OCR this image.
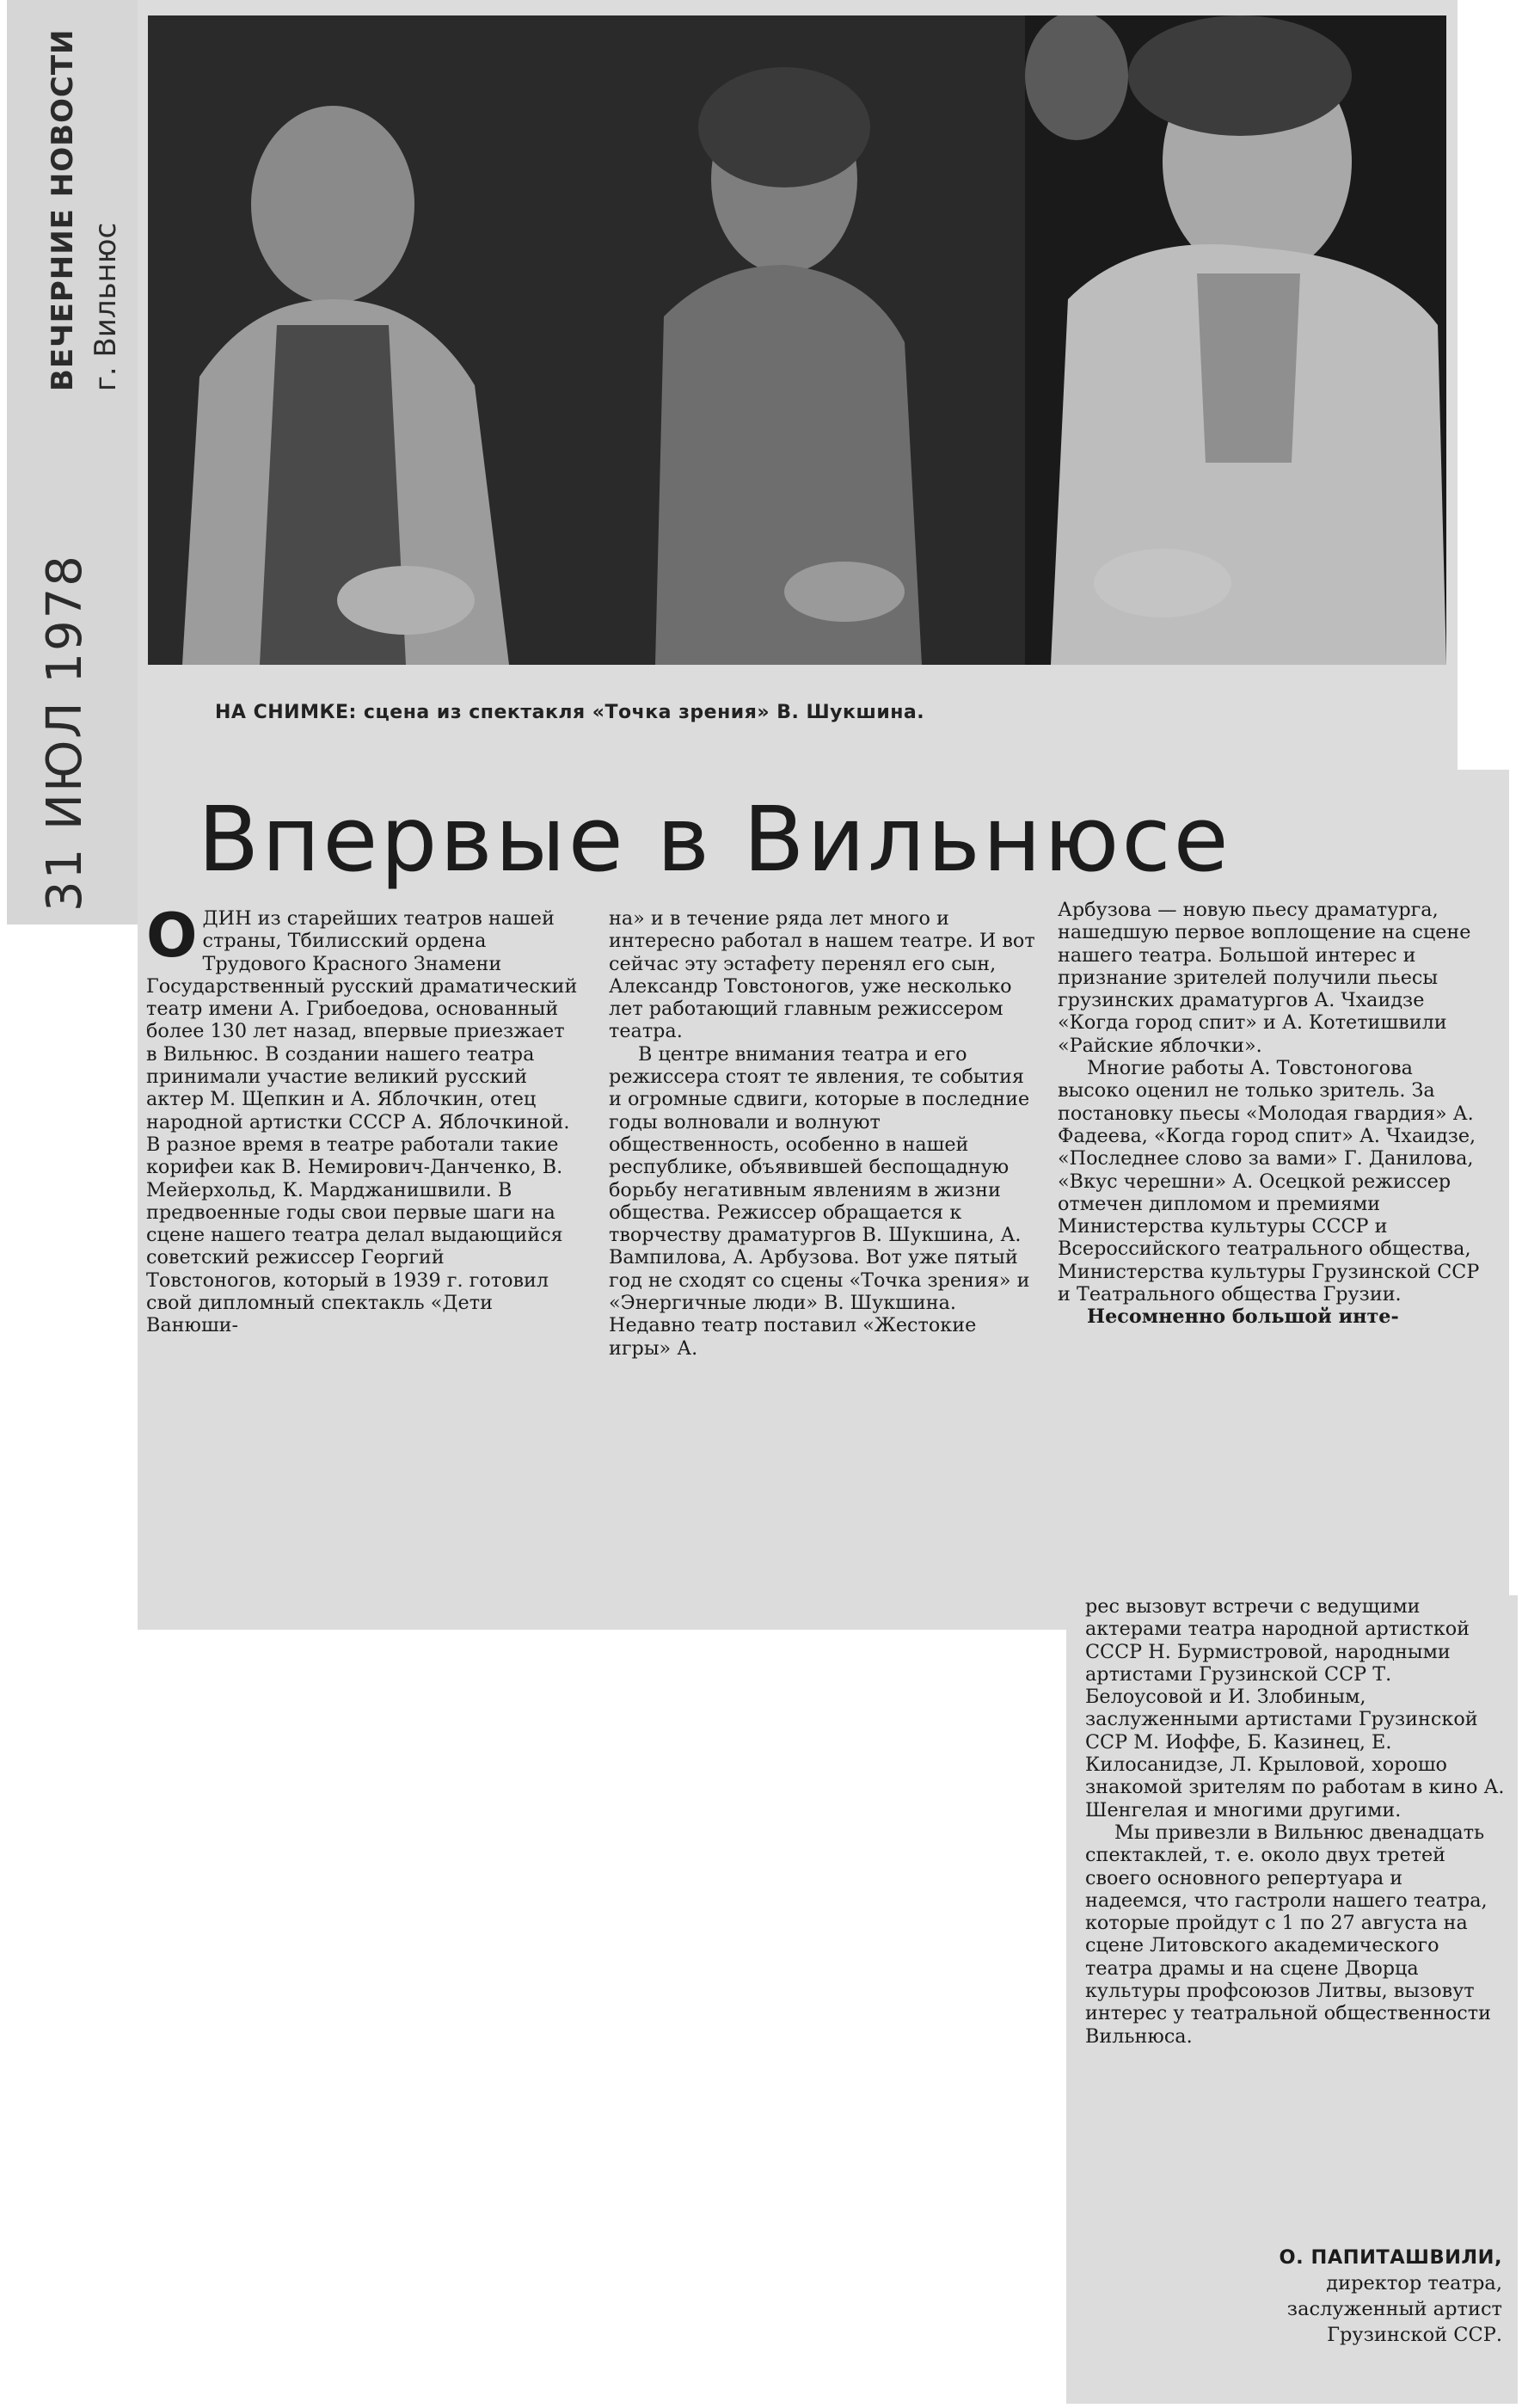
ВЕЧЕРНИЕ НОВОСТИ г. Вильнюс
31 ИЮЛ 1978	НА СНИМКЕ: сцена из спектакля «Точка зрения» В. Шукшина.
Впервые в Вильнюсе

О ДИН из старейших театров нашей страны, Тбилисский ордена Трудового Красного Знамени Государственный русский драматический театр имени А. Грибоедова, основанный более 130 лет назад, впервые приезжает в Вильнюс. В создании нашего театра принимали участие великий русский актер М. Щепкин и А. Яблочкин, отец народной артистки СССР А. Яблочкиной. В разное время в театре работали такие корифеи как В. Немирович-Данченко, В. Мейерхольд, К. Марджанишвили. В предвоенные годы свои первые шаги на сцене нашего театра делал выдающийся советский режиссер Георгий Товстоногов, который в 1939 г. готовил свой дипломный спектакль «Дети Ванюши-

на» и в течение ряда лет много и интересно работал в нашем театре. И вот сейчас эту эстафету перенял его сын, Александр Товстоногов, уже несколько лет работающий главным режиссером театра.

В центре внимания театра и его режиссера стоят те явления, те события и огромные сдвиги, которые в последние годы волновали и волнуют общественность, особенно в нашей республике, объявившей беспощадную борьбу негативным явлениям в жизни общества. Режиссер обращается к творчеству драматургов В. Шукшина, А. Вампилова, А. Арбузова. Вот уже пятый год не сходят со сцены «Точка зрения» и «Энергичные люди» В. Шукшина. Недавно театр поставил «Жестокие игры» А.

Арбузова — новую пьесу драматурга, нашедшую первое воплощение на сцене нашего театра. Большой интерес и признание зрителей получили пьесы грузинских драматургов А. Чхаидзе «Когда город спит» и А. Котетишвили «Райские яблочки».

Многие работы А. Товстоногова высоко оценил не только зритель. За постановку пьесы «Молодая гвардия» А. Фадеева, «Когда город спит» А. Чхаидзе, «Последнее слово за вами» Г. Данилова, «Вкус черешни» А. Осецкой режиссер отмечен дипломом и премиями Министерства культуры СССР и Всероссийского театрального общества, Министерства культуры Грузинской ССР и Театрального общества Грузии.

Несомненно большой инте-

рес вызовут встречи с ведущими актерами театра народной артисткой СССР Н. Бурмистровой, народными артистами Грузинской ССР Т. Белоусовой и И. Злобиным, заслуженными артистами Грузинской ССР М. Иоффе, Б. Казинец, Е. Килосанидзе, Л. Крыловой, хорошо знакомой зрителям по работам в кино А. Шенгелая и многими другими.

Мы привезли в Вильнюс двенадцать спектаклей, т. е. около двух третей своего основного репертуара и надеемся, что гастроли нашего театра, которые пройдут с 1 по 27 августа на сцене Литовского академического театра драмы и на сцене Дворца культуры профсоюзов Литвы, вызовут интерес у театральной общественности Вильнюса.

О. ПАПИТАШВИЛИ,
директор театра,
заслуженный артист
Грузинской ССР.
